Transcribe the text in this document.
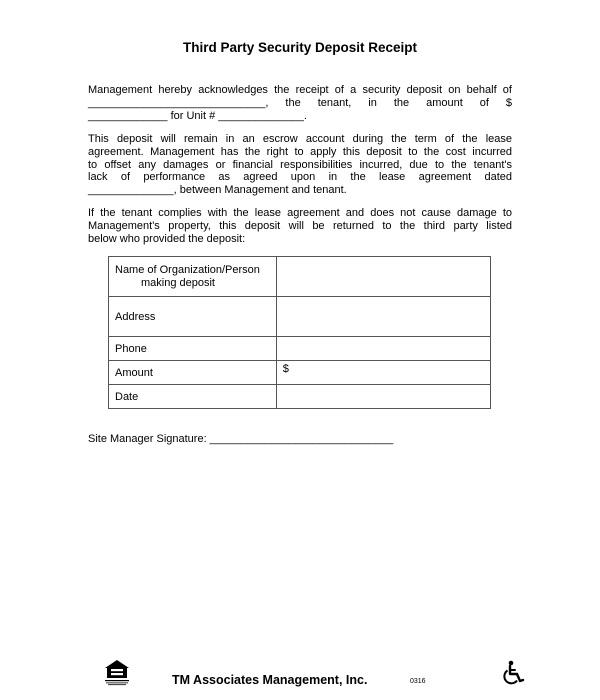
Third Party Security Deposit Receipt
Management hereby acknowledges the receipt of a security deposit on behalf of
_____________________________, the tenant, in the amount of $
_____________ for Unit # ______________.
This deposit will remain in an escrow account during the term of the lease
agreement. Management has the right to apply this deposit to the cost incurred
to offset any damages or financial responsibilities incurred, due to the tenant's
lack of performance as agreed upon in the lease agreement dated
______________, between Management and tenant.
If the tenant complies with the lease agreement and does not cause damage to
Management's property, this deposit will be returned to the third party listed
below who provided the deposit:
Name of Organization/Person
making deposit	

Address	
Phone	
Amount	$
Date	
Site Manager Signature: ______________________________
TM Associates Management, Inc.	0316
